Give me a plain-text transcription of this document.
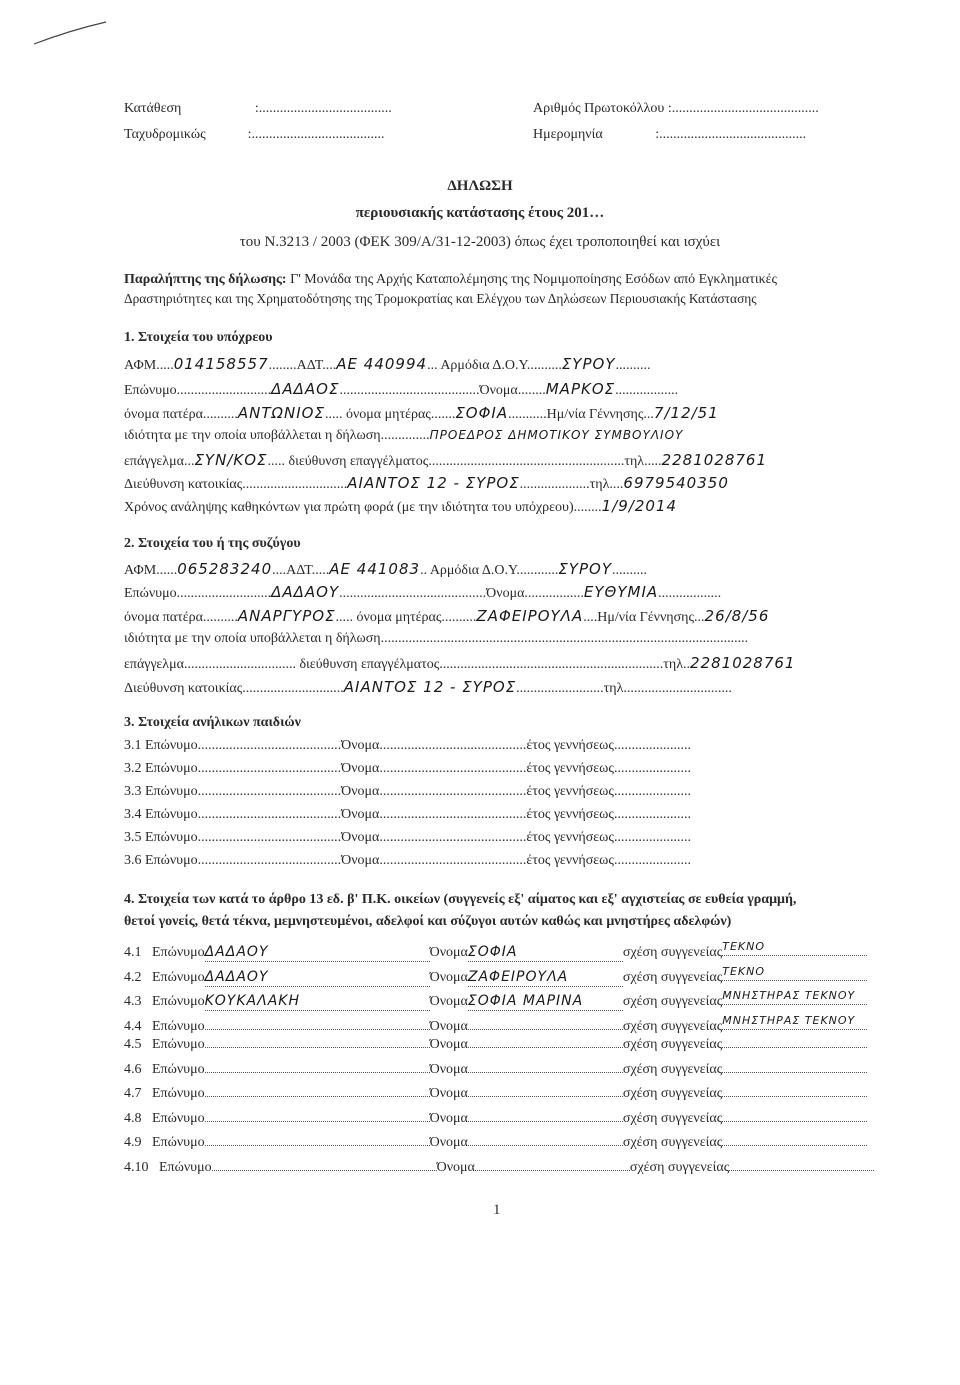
Κατάθεση	:......................................
Ταχυδρομικώς	:......................................
Αριθμός Πρωτοκόλλου :..........................................
Ημερομηνία	:..........................................
ΔΗΛΩΣΗ
περιουσιακής κατάστασης έτους 201…
του Ν.3213 / 2003 (ΦΕΚ 309/Α/31-12-2003) όπως έχει τροποποιηθεί και ισχύει
Παραλήπτης της δήλωσης: Γ' Μονάδα της Αρχής Καταπολέμησης της Νομιμοποίησης Εσόδων από Εγκληματικές
Δραστηριότητες και της Χρηματοδότησης της Τρομοκρατίας και Ελέγχου των Δηλώσεων Περιουσιακής Κατάστασης
1. Στοιχεία του υπόχρεου
ΑΦΜ.....014158557........ΑΔΤ....ΑΕ 440994... Αρμόδια Δ.Ο.Υ..........ΣΥΡΟΥ..........
Επώνυμο...........................ΔΑΔΑΟΣ........................................Όνομα........ΜΑΡΚΟΣ..................
όνομα πατέρα..........ΑΝΤΩΝΙΟΣ..... όνομα μητέρας.......ΣΟΦΙΑ...........Ημ/νία Γέννησης...7/12/51
ιδιότητα με την οποία υποβάλλεται η δήλωση..............ΠΡΟΕΔΡΟΣ ΔΗΜΟΤΙΚΟΥ ΣΥΜΒΟΥΛΙΟΥ
επάγγελμα...ΣΥΝ/ΚΟΣ..... διεύθυνση επαγγέλματος........................................................τηλ.....2281028761
Διεύθυνση κατοικίας..............................ΑΙΑΝΤΟΣ 12 - ΣΥΡΟΣ....................τηλ....6979540350
Χρόνος ανάληψης καθηκόντων για πρώτη φορά (με την ιδιότητα του υπόχρεου)........1/9/2014
2. Στοιχεία του ή της συζύγου
ΑΦΜ......065283240....ΑΔΤ.....ΑΕ 441083.. Αρμόδια Δ.Ο.Υ............ΣΥΡΟΥ..........
Επώνυμο...........................ΔΑΔΑΟΥ..........................................Όνομα.................ΕΥΘΥΜΙΑ..................
όνομα πατέρα..........ΑΝΑΡΓΥΡΟΣ..... όνομα μητέρας..........ΖΑΦΕΙΡΟΥΛΑ....Ημ/νία Γέννησης...26/8/56
ιδιότητα με την οποία υποβάλλεται η δήλωση.........................................................................................................
επάγγελμα................................ διεύθυνση επαγγέλματος................................................................τηλ..2281028761
Διεύθυνση κατοικίας.............................ΑΙΑΝΤΟΣ 12 - ΣΥΡΟΣ.........................τηλ...............................
3. Στοιχεία ανήλικων παιδιών
3.1 Επώνυμο.........................................Όνομα..........................................έτος γεννήσεως......................
3.2 Επώνυμο.........................................Όνομα..........................................έτος γεννήσεως......................
3.3 Επώνυμο.........................................Όνομα..........................................έτος γεννήσεως......................
3.4 Επώνυμο.........................................Όνομα..........................................έτος γεννήσεως......................
3.5 Επώνυμο.........................................Όνομα..........................................έτος γεννήσεως......................
3.6 Επώνυμο.........................................Όνομα..........................................έτος γεννήσεως......................
4. Στοιχεία των κατά το άρθρο 13 εδ. β' Π.Κ. οικείων (συγγενείς εξ' αίματος και εξ' αγχιστείας σε ευθεία γραμμή,
θετοί γονείς, θετά τέκνα, μεμνηστευμένοι, αδελφοί και σύζυγοι αυτών καθώς και μνηστήρες αδελφών)
4.1 ΕπώνυμοΔΑΔΑΟΥ	ΌνομαΣΟΦΙΑ	σχέση συγγενείαςΤΕΚΝΟ
4.2 ΕπώνυμοΔΑΔΑΟΥ	ΌνομαΖΑΦΕΙΡΟΥΛΑ	σχέση συγγενείαςΤΕΚΝΟ
4.3 ΕπώνυμοΚΟΥΚΑΛΑΚΗ	ΌνομαΣΟΦΙΑ ΜΑΡΙΝΑ	σχέση συγγενείαςΜΝΗΣΤΗΡΑΣ ΤΕΚΝΟΥ
4.4 Επώνυμο	Όνομα	σχέση συγγενείαςΜΝΗΣΤΗΡΑΣ ΤΕΚΝΟΥ
4.5 Επώνυμο	Όνομα	σχέση συγγενείας
4.6 Επώνυμο	Όνομα	σχέση συγγενείας
4.7 Επώνυμο	Όνομα	σχέση συγγενείας
4.8 Επώνυμο	Όνομα	σχέση συγγενείας
4.9 Επώνυμο	Όνομα	σχέση συγγενείας
4.10 Επώνυμο	Όνομα	σχέση συγγενείας
1
